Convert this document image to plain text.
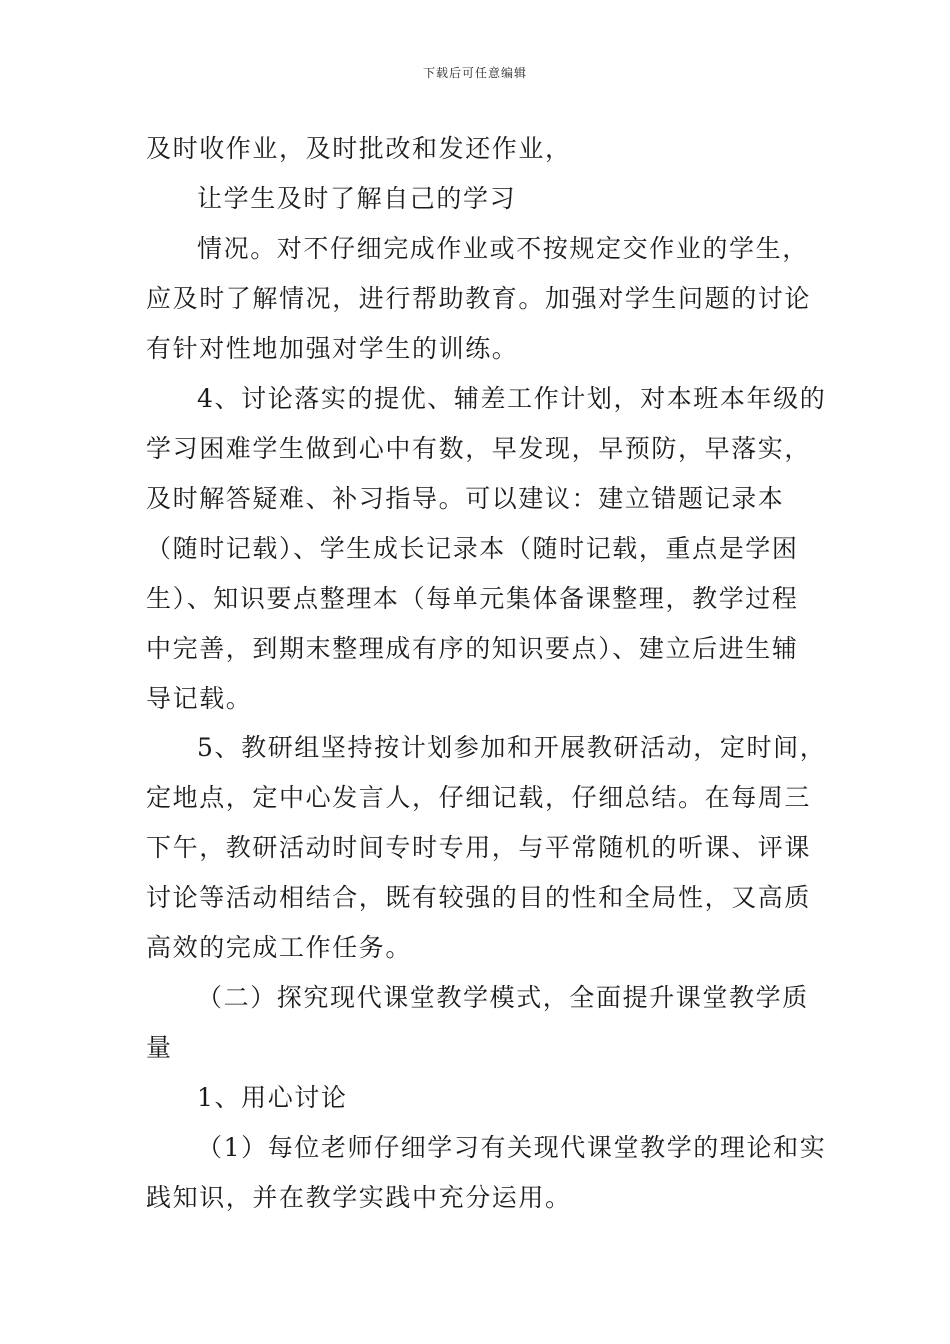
下载后可任意编辑
及时收作业，及时批改和发还作业，
让学生及时了解自己的学习
情况。对不仔细完成作业或不按规定交作业的学生，
应及时了解情况，进行帮助教育。加强对学生问题的讨论
有针对性地加强对学生的训练。
4、讨论落实的提优、辅差工作计划，对本班本年级的
学习困难学生做到心中有数，早发现，早预防，早落实，
及时解答疑难、补习指导。可以建议：建立错题记录本
（随时记载）、学生成长记录本（随时记载，重点是学困
生）、知识要点整理本（每单元集体备课整理，教学过程
中完善，到期末整理成有序的知识要点）、建立后进生辅
导记载。
5、教研组坚持按计划参加和开展教研活动，定时间，
定地点，定中心发言人，仔细记载，仔细总结。在每周三
下午，教研活动时间专时专用，与平常随机的听课、评课
讨论等活动相结合，既有较强的目的性和全局性，又高质
高效的完成工作任务。
（二）探究现代课堂教学模式，全面提升课堂教学质
量
1、用心讨论
（1）每位老师仔细学习有关现代课堂教学的理论和实
践知识，并在教学实践中充分运用。
